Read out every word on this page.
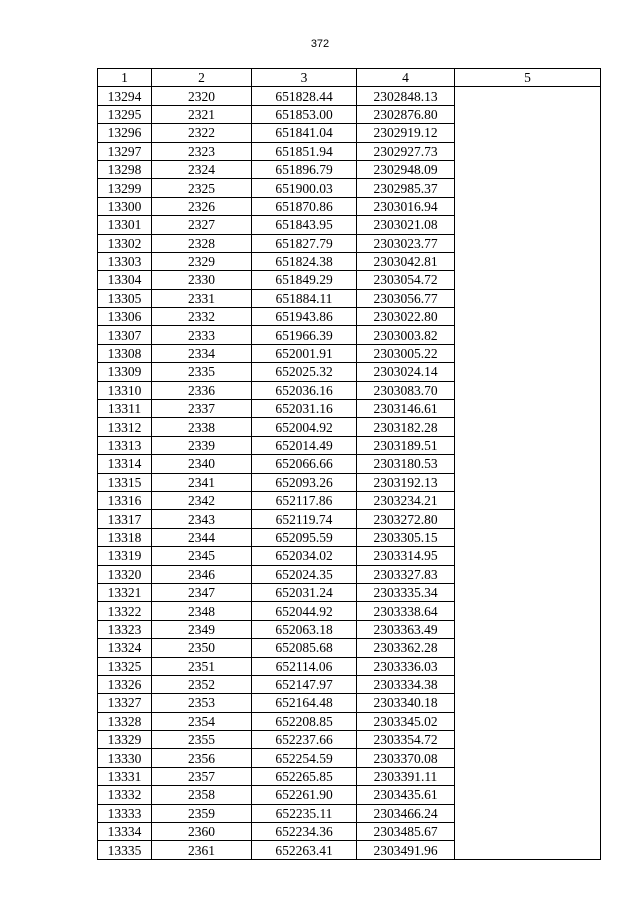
372
1	2	3	4	5
13294	2320	651828.44	2302848.13	
13295	2321	651853.00	2302876.80	
13296	2322	651841.04	2302919.12	
13297	2323	651851.94	2302927.73	
13298	2324	651896.79	2302948.09	
13299	2325	651900.03	2302985.37	
13300	2326	651870.86	2303016.94	
13301	2327	651843.95	2303021.08	
13302	2328	651827.79	2303023.77	
13303	2329	651824.38	2303042.81	
13304	2330	651849.29	2303054.72	
13305	2331	651884.11	2303056.77	
13306	2332	651943.86	2303022.80	
13307	2333	651966.39	2303003.82	
13308	2334	652001.91	2303005.22	
13309	2335	652025.32	2303024.14	
13310	2336	652036.16	2303083.70	
13311	2337	652031.16	2303146.61	
13312	2338	652004.92	2303182.28	
13313	2339	652014.49	2303189.51	
13314	2340	652066.66	2303180.53	
13315	2341	652093.26	2303192.13	
13316	2342	652117.86	2303234.21	
13317	2343	652119.74	2303272.80	
13318	2344	652095.59	2303305.15	
13319	2345	652034.02	2303314.95	
13320	2346	652024.35	2303327.83	
13321	2347	652031.24	2303335.34	
13322	2348	652044.92	2303338.64	
13323	2349	652063.18	2303363.49	
13324	2350	652085.68	2303362.28	
13325	2351	652114.06	2303336.03	
13326	2352	652147.97	2303334.38	
13327	2353	652164.48	2303340.18	
13328	2354	652208.85	2303345.02	
13329	2355	652237.66	2303354.72	
13330	2356	652254.59	2303370.08	
13331	2357	652265.85	2303391.11	
13332	2358	652261.90	2303435.61	
13333	2359	652235.11	2303466.24	
13334	2360	652234.36	2303485.67	
13335	2361	652263.41	2303491.96	
